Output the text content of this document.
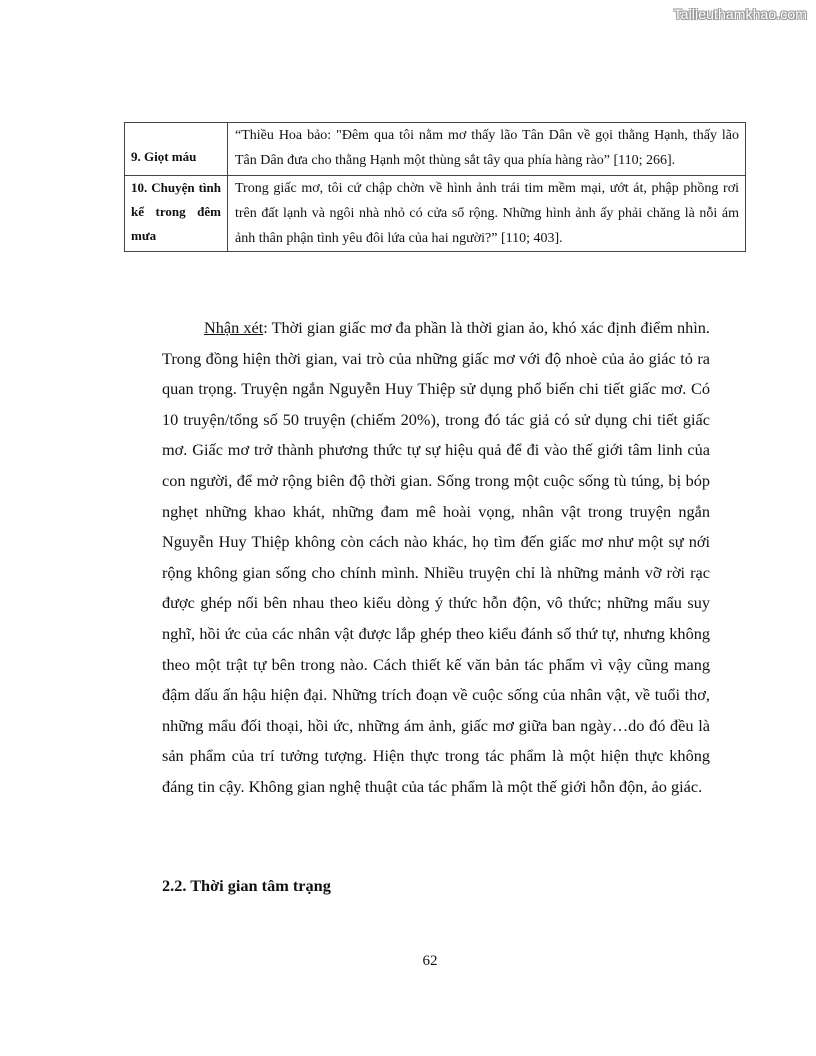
Tailieuthamkhao.com
9. Giọt máu	“Thiều Hoa bảo: "Đêm qua tôi nằm mơ thấy lão Tân Dân về gọi thằng Hạnh, thấy lão Tân Dân đưa cho thằng Hạnh một thùng sắt tây qua phía hàng rào” [110; 266].

10. Chuyện tình kể trong đêm mưa	Trong giấc mơ, tôi cứ chập chờn về hình ảnh trái tim mềm mại, ướt át, phập phồng rơi trên đất lạnh và ngôi nhà nhỏ có cửa sổ rộng. Những hình ảnh ấy phải chăng là nỗi ám ảnh thân phận tình yêu đôi lứa của hai người?” [110; 403].

Nhận xét: Thời gian giấc mơ đa phần là thời gian ảo, khó xác định điểm nhìn. Trong đồng hiện thời gian, vai trò của những giấc mơ với độ nhoè của ảo giác tỏ ra quan trọng. Truyện ngắn Nguyễn Huy Thiệp sử dụng phổ biến chi tiết giấc mơ. Có 10 truyện/tổng số 50 truyện (chiếm 20%), trong đó tác giả có sử dụng chi tiết giấc mơ. Giấc mơ trở thành phương thức tự sự hiệu quả để đi vào thế giới tâm linh của con người, để mở rộng biên độ thời gian. Sống trong một cuộc sống tù túng, bị bóp nghẹt những khao khát, những đam mê hoài vọng, nhân vật trong truyện ngắn Nguyễn Huy Thiệp không còn cách nào khác, họ tìm đến giấc mơ như một sự nới rộng không gian sống cho chính mình. Nhiều truyện chỉ là những mảnh vỡ rời rạc được ghép nối bên nhau theo kiểu dòng ý thức hỗn độn, vô thức; những mẩu suy nghĩ, hồi ức của các nhân vật được lắp ghép theo kiểu đánh số thứ tự, nhưng không theo một trật tự bên trong nào. Cách thiết kế văn bản tác phẩm vì vậy cũng mang đậm dấu ấn hậu hiện đại. Những trích đoạn về cuộc sống của nhân vật, về tuổi thơ, những mẩu đối thoại, hồi ức, những ám ảnh, giấc mơ giữa ban ngày…do đó đều là sản phẩm của trí tưởng tượng. Hiện thực trong tác phẩm là một hiện thực không đáng tin cậy. Không gian nghệ thuật của tác phẩm là một thế giới hỗn độn, ảo giác.

2.2. Thời gian tâm trạng
62
